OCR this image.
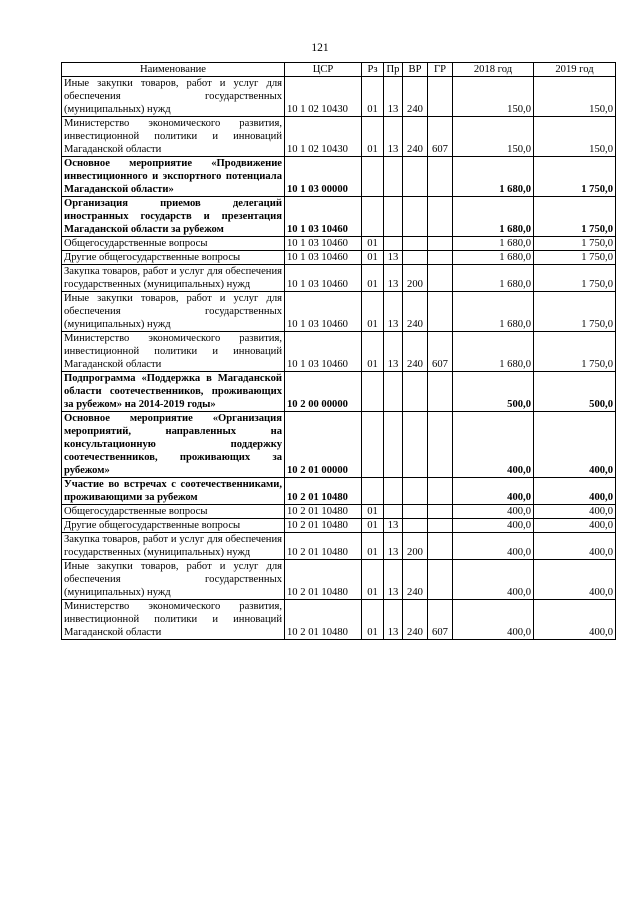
121
Наименование	ЦСР	Рз	Пр	ВР	ГР	2018 год	2019 год
Иные закупки товаров, работ и услуг для обеспечения государственных (муниципальных) нужд	10 1 02 10430	01	13	240		150,0	150,0
Министерство экономического развития, инвестиционной политики и инноваций Магаданской области	10 1 02 10430	01	13	240	607	150,0	150,0
Основное мероприятие «Продвижение инвестиционного и экспортного потенциала Магаданской области»	10 1 03 00000					1 680,0	1 750,0
Организация приемов делегаций иностранных государств и презентация Магаданской области за рубежом	10 1 03 10460					1 680,0	1 750,0
Общегосударственные вопросы	10 1 03 10460	01				1 680,0	1 750,0
Другие общегосударственные вопросы	10 1 03 10460	01	13			1 680,0	1 750,0
Закупка товаров, работ и услуг для обеспечения государственных (муниципальных) нужд	10 1 03 10460	01	13	200		1 680,0	1 750,0
Иные закупки товаров, работ и услуг для обеспечения государственных (муниципальных) нужд	10 1 03 10460	01	13	240		1 680,0	1 750,0
Министерство экономического развития, инвестиционной политики и инноваций Магаданской области	10 1 03 10460	01	13	240	607	1 680,0	1 750,0
Подпрограмма «Поддержка в Магаданской области соотечественников, проживающих за рубежом» на 2014-2019 годы»	10 2 00 00000					500,0	500,0
Основное мероприятие «Организация мероприятий, направленных на консультационную поддержку соотечественников, проживающих за рубежом»	10 2 01 00000					400,0	400,0
Участие во встречах с соотечественниками, проживающими за рубежом	10 2 01 10480					400,0	400,0
Общегосударственные вопросы	10 2 01 10480	01				400,0	400,0
Другие общегосударственные вопросы	10 2 01 10480	01	13			400,0	400,0
Закупка товаров, работ и услуг для обеспечения государственных (муниципальных) нужд	10 2 01 10480	01	13	200		400,0	400,0
Иные закупки товаров, работ и услуг для обеспечения государственных (муниципальных) нужд	10 2 01 10480	01	13	240		400,0	400,0
Министерство экономического развития, инвестиционной политики и инноваций Магаданской области	10 2 01 10480	01	13	240	607	400,0	400,0
